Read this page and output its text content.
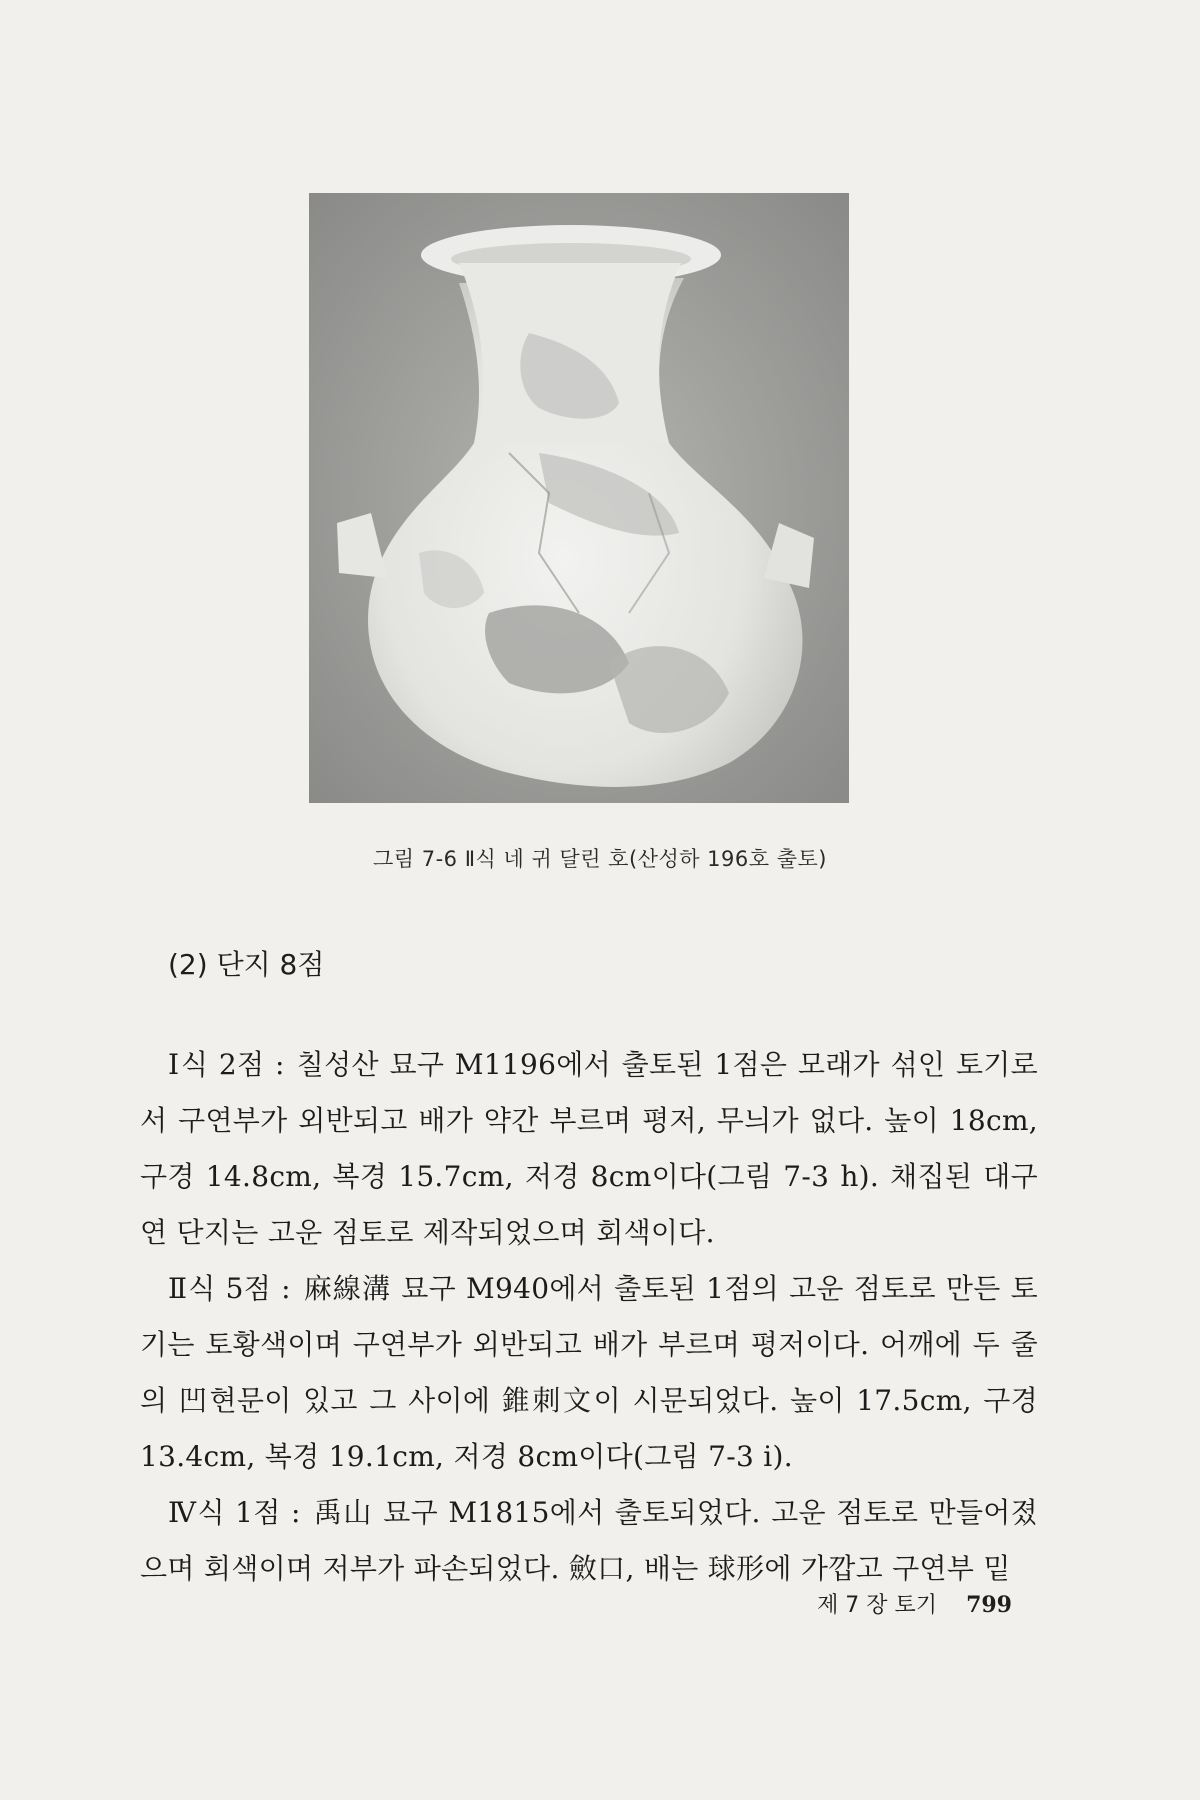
그림 7-6 Ⅱ식 네 귀 달린 호(산성하 196호 출토)
(2) 단지 8점

Ⅰ식 2점 : 칠성산 묘구 M1196에서 출토된 1점은 모래가 섞인 토기로서 구연부가 외반되고 배가 약간 부르며 평저, 무늬가 없다. 높이 18cm, 구경 14.8cm, 복경 15.7cm, 저경 8cm이다(그림 7-3 h). 채집된 대구연 단지는 고운 점토로 제작되었으며 회색이다.

Ⅱ식 5점 : 麻線溝 묘구 M940에서 출토된 1점의 고운 점토로 만든 토기는 토황색이며 구연부가 외반되고 배가 부르며 평저이다. 어깨에 두 줄의 凹현문이 있고 그 사이에 錐刺文이 시문되었다. 높이 17.5cm, 구경 13.4cm, 복경 19.1cm, 저경 8cm이다(그림 7-3 i).

Ⅳ식 1점 : 禹山 묘구 M1815에서 출토되었다. 고운 점토로 만들어졌으며 회색이며 저부가 파손되었다. 斂口, 배는 球形에 가깝고 구연부 밑

제 7 장 토기 799
